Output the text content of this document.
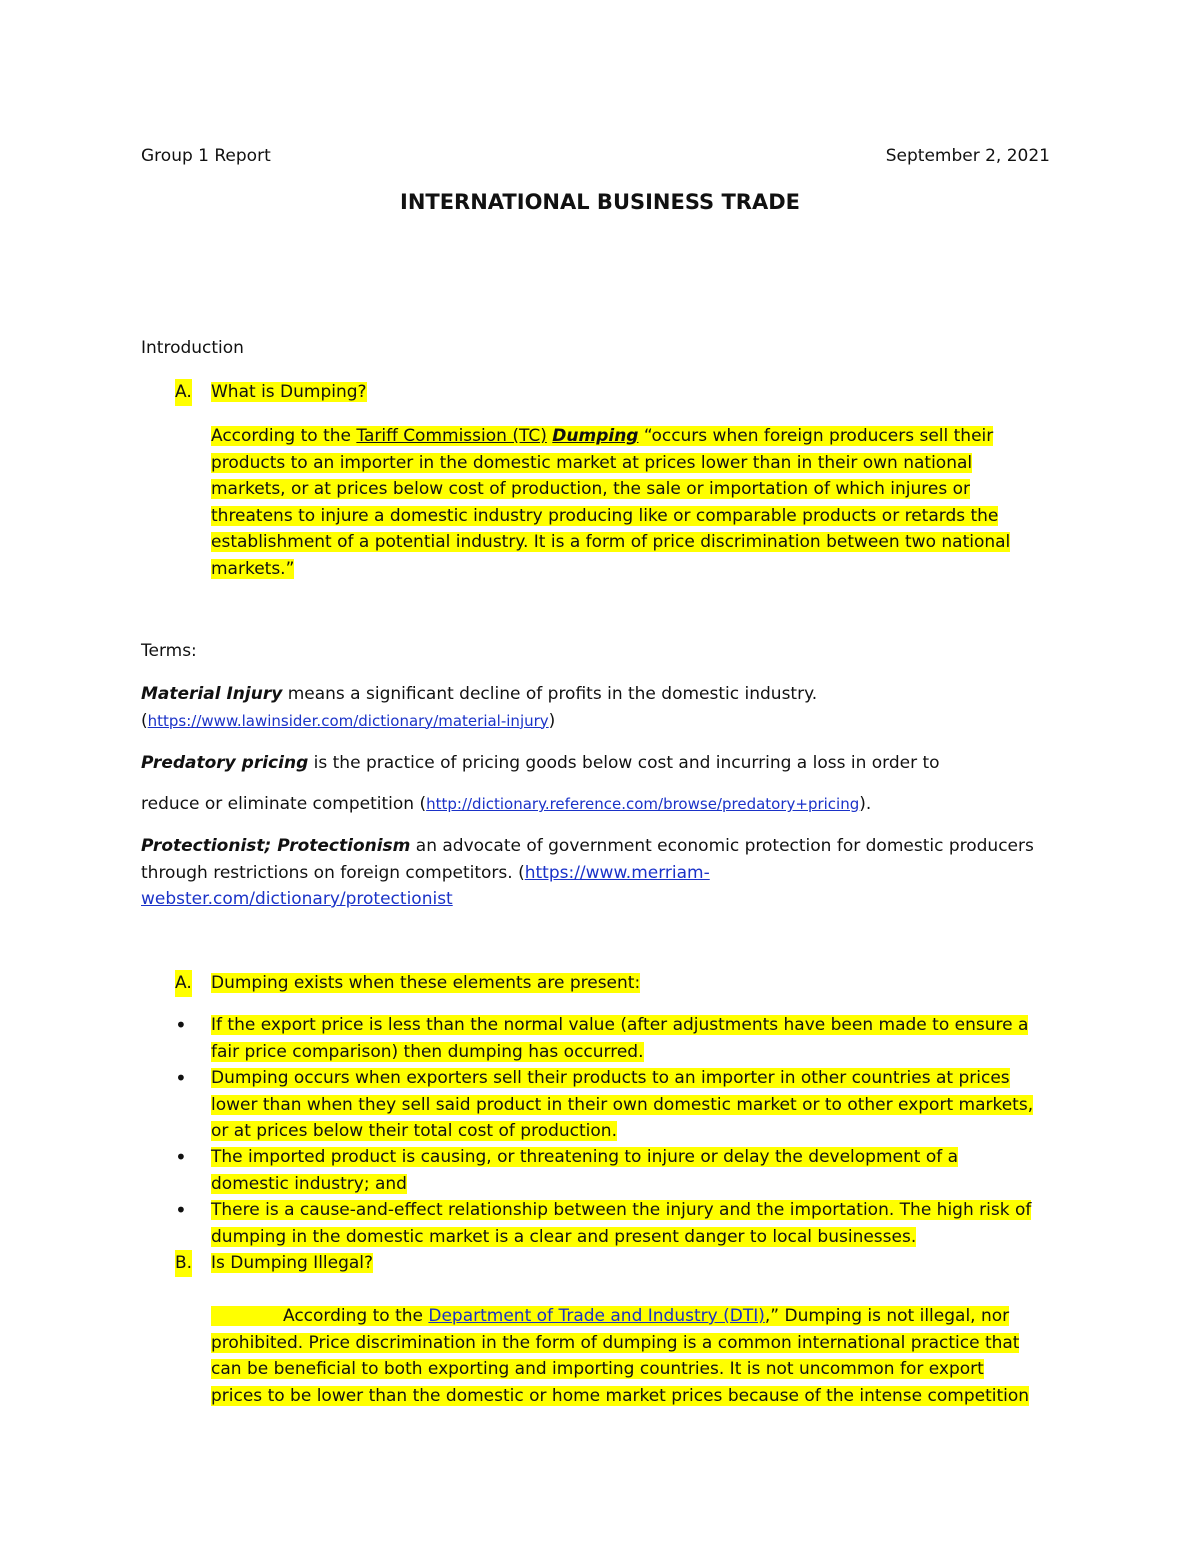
Group 1 Report	September 2, 2021
INTERNATIONAL BUSINESS TRADE
Introduction
A. What is Dumping?
According to the Tariff Commission (TC) Dumping “occurs when foreign producers sell their
products to an importer in the domestic market at prices lower than in their own national
markets, or at prices below cost of production, the sale or importation of which injures or
threatens to injure a domestic industry producing like or comparable products or retards the
establishment of a potential industry. It is a form of price discrimination between two national
markets.”
Terms:
Material Injury means a significant decline of profits in the domestic industry.
(https://www.lawinsider.com/dictionary/material-injury)
Predatory pricing is the practice of pricing goods below cost and incurring a loss in order to
reduce or eliminate competition (http://dictionary.reference.com/browse/predatory+pricing).
Protectionist; Protectionism an advocate of government economic protection for domestic producers
through restrictions on foreign competitors. (https://www.merriam-
webster.com/dictionary/protectionist
A. Dumping exists when these elements are present:
• If the export price is less than the normal value (after adjustments have been made to ensure a
fair price comparison) then dumping has occurred.
• Dumping occurs when exporters sell their products to an importer in other countries at prices
lower than when they sell said product in their own domestic market or to other export markets,
or at prices below their total cost of production.
• The imported product is causing, or threatening to injure or delay the development of a
domestic industry; and
• There is a cause-and-effect relationship between the injury and the importation. The high risk of
dumping in the domestic market is a clear and present danger to local businesses.
B. Is Dumping Illegal?
According to the Department of Trade and Industry (DTI),” Dumping is not illegal, nor
prohibited. Price discrimination in the form of dumping is a common international practice that
can be beneficial to both exporting and importing countries. It is not uncommon for export
prices to be lower than the domestic or home market prices because of the intense competition
